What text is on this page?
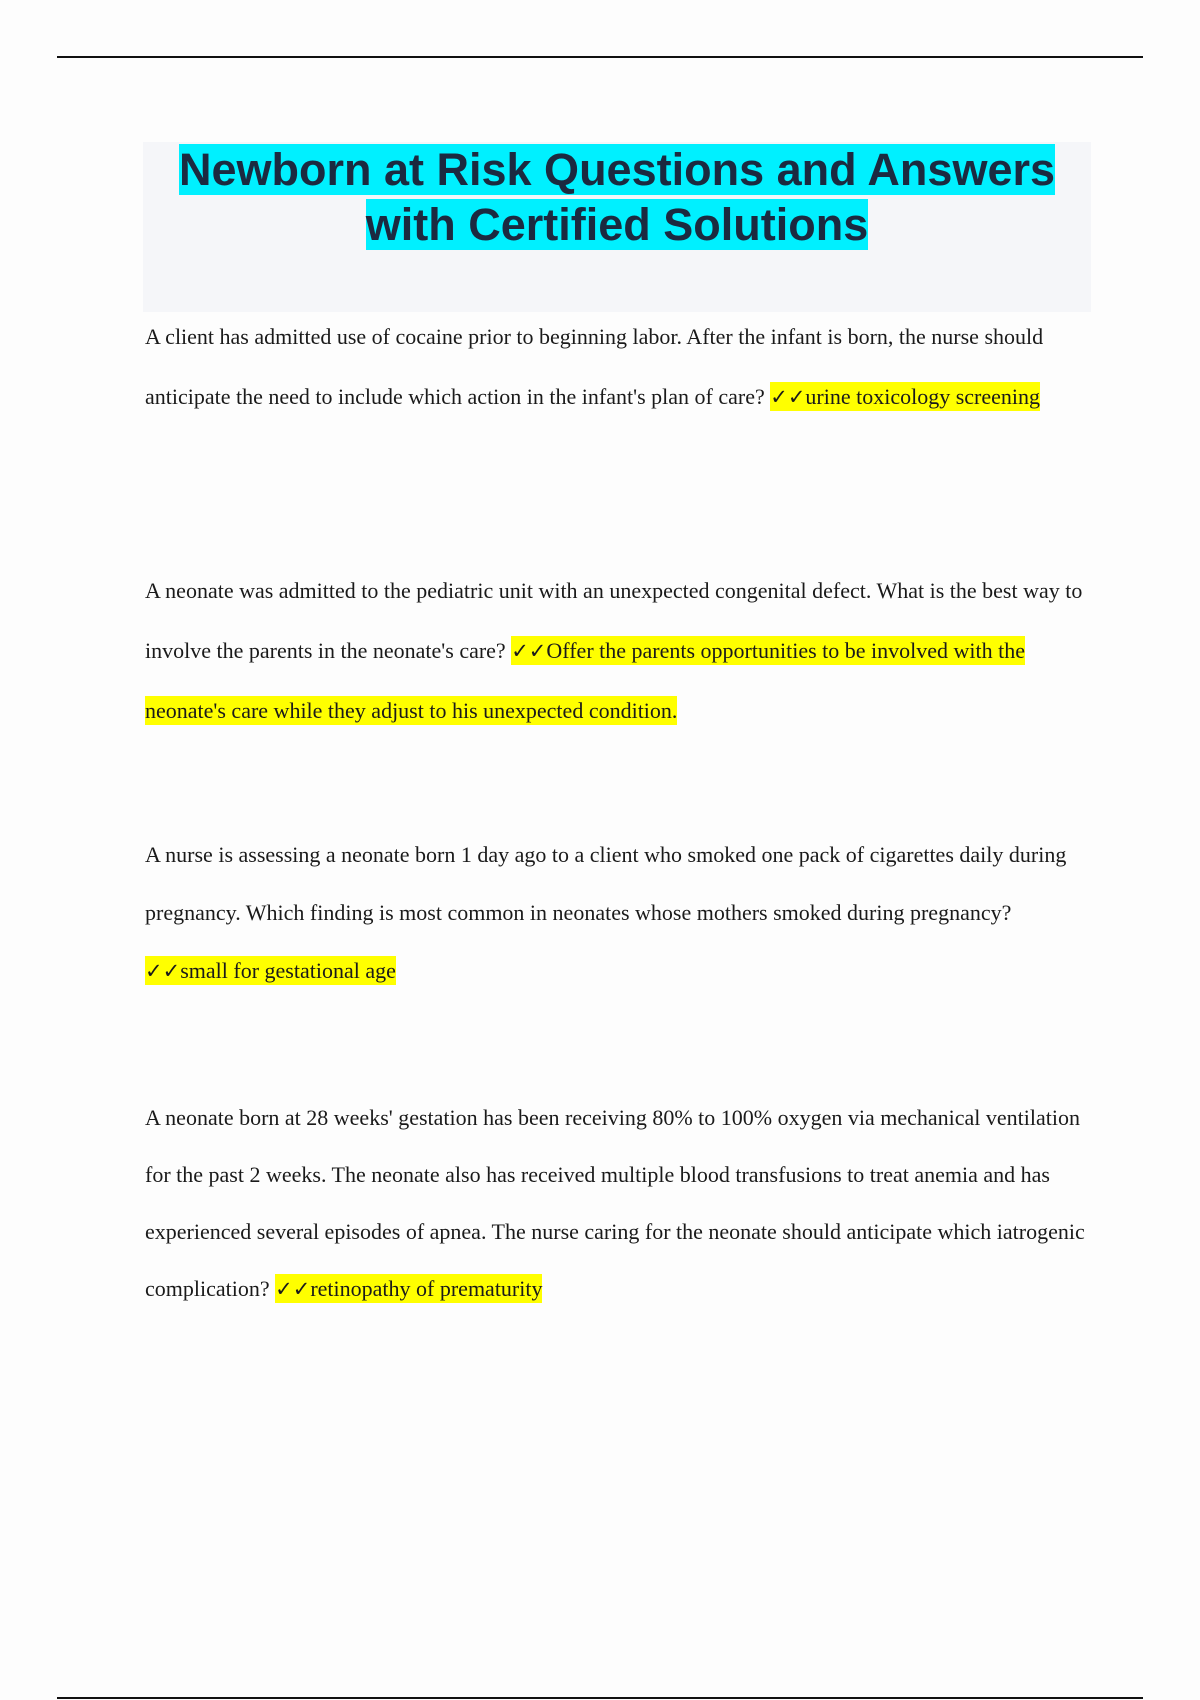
Newborn at Risk Questions and Answers
with Certified Solutions

A client has admitted use of cocaine prior to beginning labor. After the infant is born, the nurse should anticipate the need to include which action in the infant's plan of care? ✓✓urine toxicology screening

A neonate was admitted to the pediatric unit with an unexpected congenital defect. What is the best way to involve the parents in the neonate's care? ✓✓Offer the parents opportunities to be involved with the neonate's care while they adjust to his unexpected condition.

A nurse is assessing a neonate born 1 day ago to a client who smoked one pack of cigarettes daily during pregnancy. Which finding is most common in neonates whose mothers smoked during pregnancy? ✓✓small for gestational age

A neonate born at 28 weeks' gestation has been receiving 80% to 100% oxygen via mechanical ventilation for the past 2 weeks. The neonate also has received multiple blood transfusions to treat anemia and has experienced several episodes of apnea. The nurse caring for the neonate should anticipate which iatrogenic complication? ✓✓retinopathy of prematurity
